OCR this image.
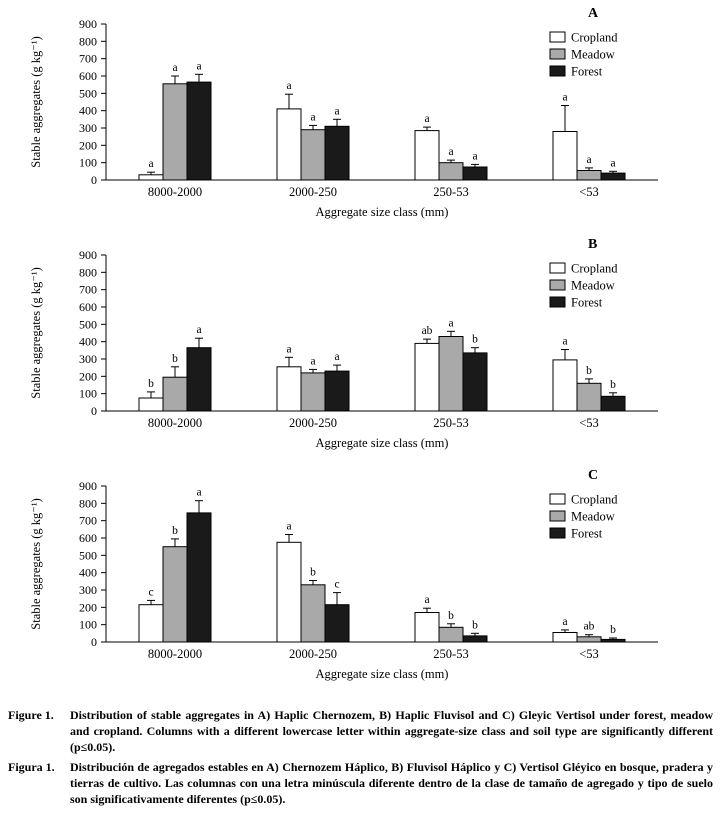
A
0
100
200
300
400
500
600
700
800
900
Stable aggregates (g kg⁻¹)
8000-2000
a
a a
2000-250
a
a
a
250-53
a
a a
<53
a
a a
Aggregate size class (mm)
Cropland
Meadow
Forest
B
0
100
200
300
400
500
600
700
800
900
Stable aggregates (g kg⁻¹)
8000-2000
b
b
a
2000-250
a
a a
250-53
ab
a
b
<53
a
b
b
Aggregate size class (mm)
Cropland
Meadow
Forest
C
0
100
200
300
400
500
600
700
800
900
Stable aggregates (g kg⁻¹)
8000-2000
c
b
a
2000-250
a
b
c
250-53
a
b
b
<53
a ab b
Aggregate size class (mm)
Cropland
Meadow
Forest
Figure 1.	Distribution of stable aggregates in A) Haplic Chernozem, B) Haplic Fluvisol and C) Gleyic Vertisol under forest, meadow and cropland. Columns with a different lowercase letter within aggregate-size class and soil type are significantly different (p≤0.05).
Figura 1.	Distribución de agregados estables en A) Chernozem Háplico, B) Fluvisol Háplico y C) Vertisol Gléyico en bosque, pradera y tierras de cultivo. Las columnas con una letra minúscula diferente dentro de la clase de tamaño de agregado y tipo de suelo son significativamente diferentes (p≤0.05).
